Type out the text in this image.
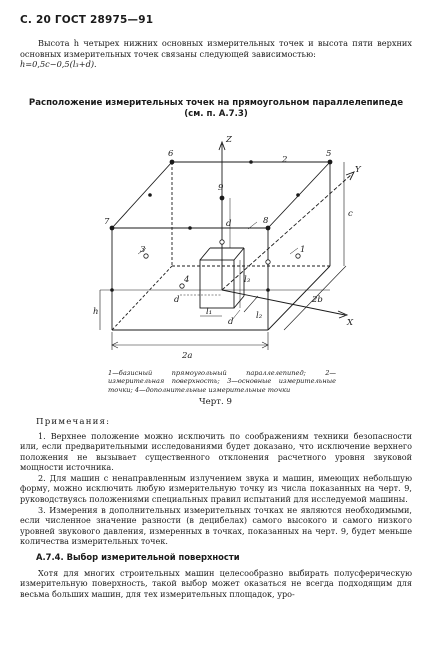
С. 20 ГОСТ 28975—91
Высота h четырех нижних основных измерительных точек и высота пяти верхних основных измерительных точек связаны следующей зависимостью:
h=0,5c−0,5(l₃+d).
Расположение измерительных точек на прямоугольном параллелепипеде (см. п. А.7.3)
6	5
7	8
9
2
3	1
4
Z
Y
X
h
d
d
d
l₁	l₂
l₃
c
2a
2b
1—базисный прямоугольный параллелепипед; 2—измерительная поверхность; 3—основные измерительные точки; 4—дополнительные измерительные точки
Черт. 9
Примечания:

1. Верхнее положение можно исключить по соображениям техники безопасности или, если предварительными исследованиями будет доказано, что исключение верхнего положения не вызывает существенного отклонения расчетного уровня звуковой мощности источника.

2. Для машин с ненаправленным излучением звука и машин, имеющих небольшую форму, можно исключить любую измерительную точку из числа показанных на черт. 9, руководствуясь положениями специальных правил испытаний для исследуемой машины.

3. Измерения в дополнительных измерительных точках не являются необходимыми, если численное значение разности (в децибелах) самого высокого и самого низкого уровней звукового давления, измеренных в точках, показанных на черт. 9, будет меньше количества измерительных точек.

А.7.4. Выбор измерительной поверхности
Хотя для многих строительных машин целесообразно выбирать полусферическую измерительную поверхность, такой выбор может оказаться не всегда подходящим для весьма больших машин, для тех измерительных площадок, уро-
